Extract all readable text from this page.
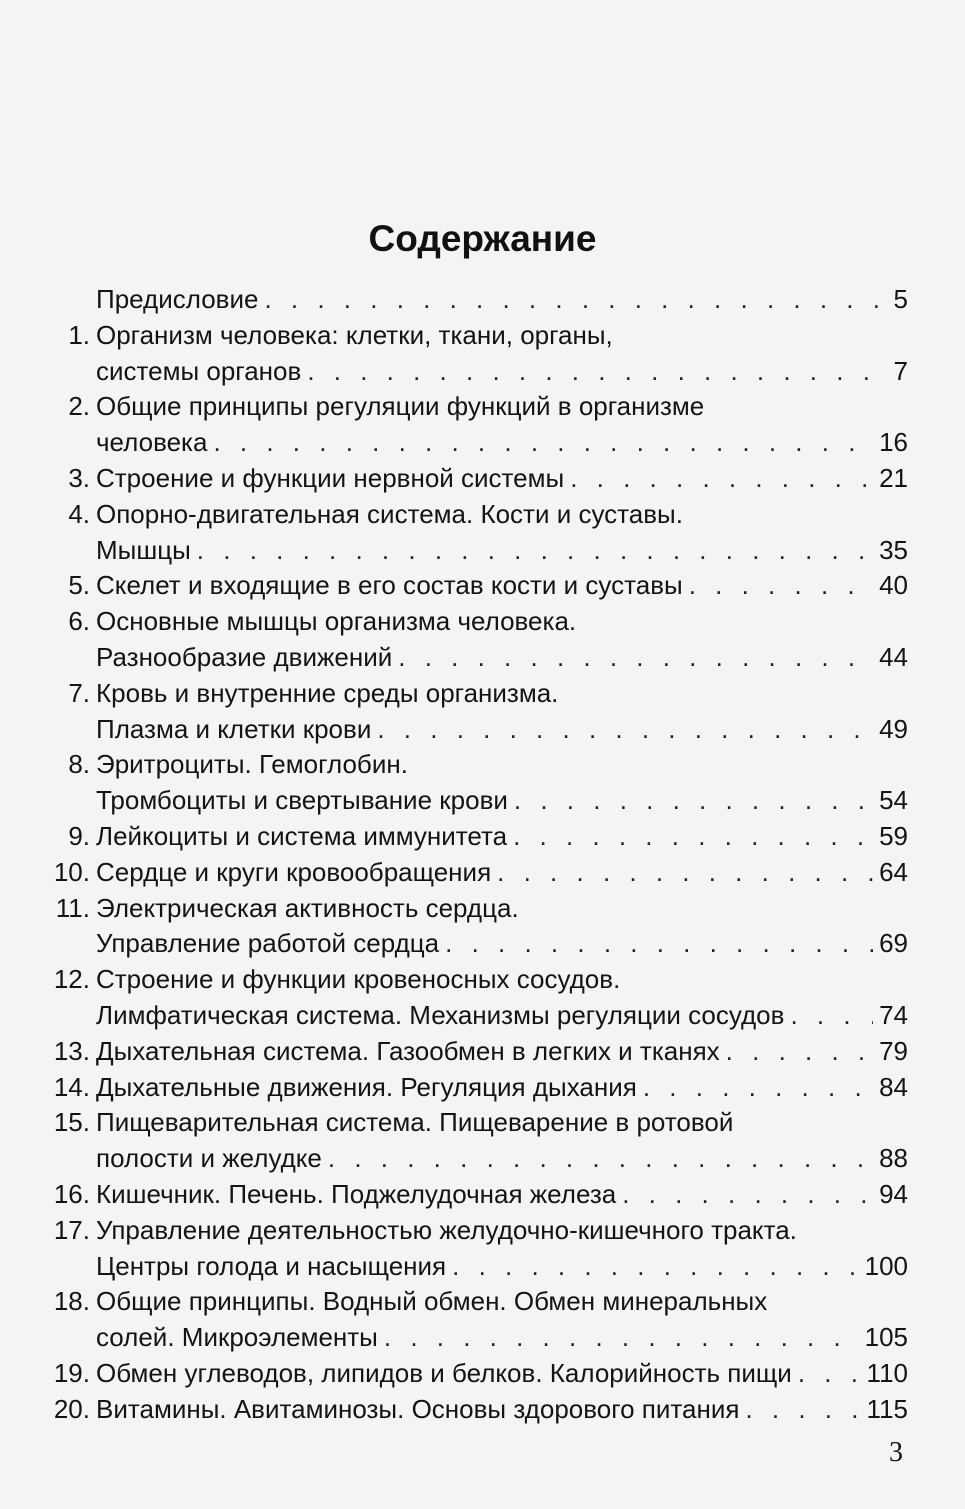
Содержание
Предисловие . . .	5
1. Организм человека: клетки, ткани, органы,
системы органов . . .	7
2. Общие принципы регуляции функций в организме
человека . . .	16
3. Строение и функции нервной системы . . .	21
4. Опорно-двигательная система. Кости и суставы.
Мышцы . . .	35
5. Скелет и входящие в его состав кости и суставы . . .	40
6. Основные мышцы организма человека.
Разнообразие движений . . .	44
7. Кровь и внутренние среды организма.
Плазма и клетки крови . . .	49
8. Эритроциты. Гемоглобин.
Тромбоциты и свертывание крови . . .	54
9. Лейкоциты и система иммунитета . . .	59
10. Сердце и круги кровообращения . . .	64
11. Электрическая активность сердца.
Управление работой сердца . . .	69
12. Строение и функции кровеносных сосудов.
Лимфатическая система. Механизмы регуляции сосудов . . .	74
13. Дыхательная система. Газообмен в легких и тканях . . .	79
14. Дыхательные движения. Регуляция дыхания . . .	84
15. Пищеварительная система. Пищеварение в ротовой
полости и желудке . . .	88
16. Кишечник. Печень. Поджелудочная железа . . .	94
17. Управление деятельностью желудочно-кишечного тракта.
Центры голода и насыщения . . .	100
18. Общие принципы. Водный обмен. Обмен минеральных
солей. Микроэлементы . . .	105
19. Обмен углеводов, липидов и белков. Калорийность пищи . . .	110
20. Витамины. Авитаминозы. Основы здорового питания . . .	115
3
